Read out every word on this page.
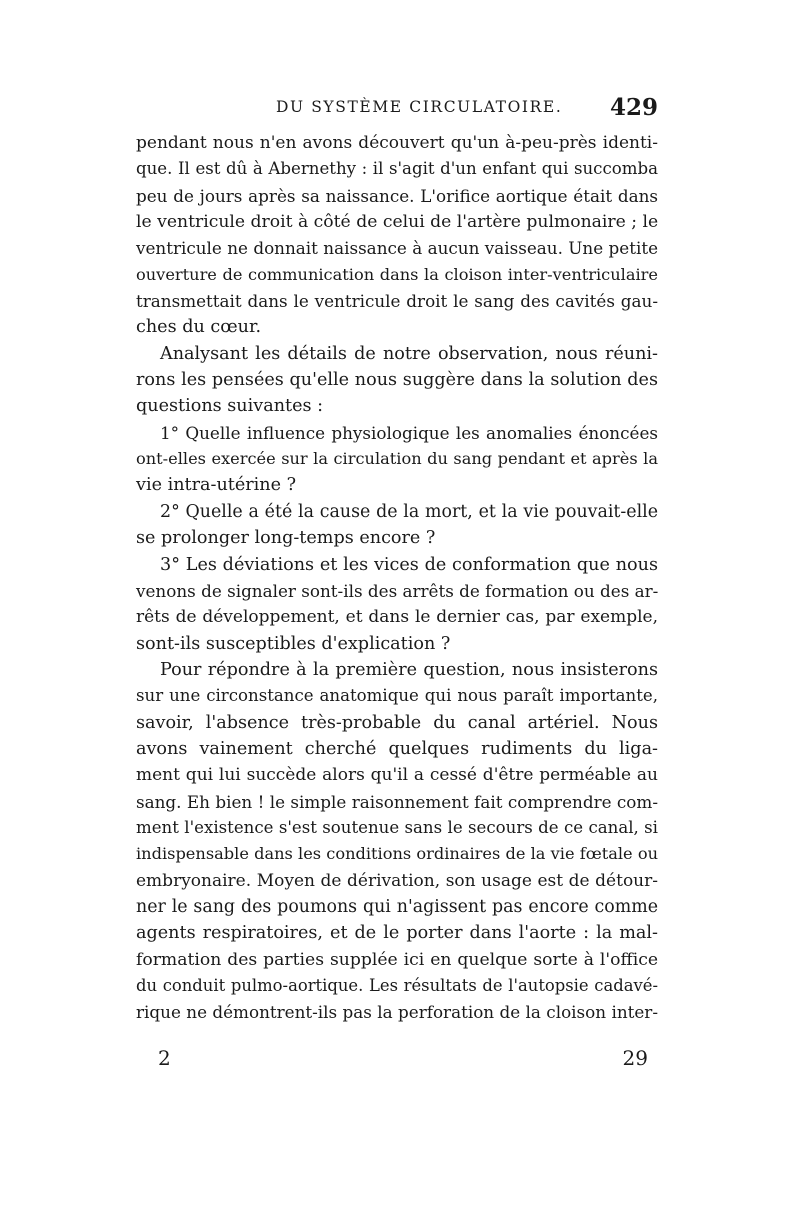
DU SYSTÈME CIRCULATOIRE. 429
pendant nous n'en avons découvert qu'un à-peu-près identi-
que. Il est dû à Abernethy : il s'agit d'un enfant qui succomba
peu de jours après sa naissance. L'orifice aortique était dans
le ventricule droit à côté de celui de l'artère pulmonaire ; le
ventricule ne donnait naissance à aucun vaisseau. Une petite
ouverture de communication dans la cloison inter-ventriculaire
transmettait dans le ventricule droit le sang des cavités gau-
ches du cœur.
Analysant les détails de notre observation, nous réuni-
rons les pensées qu'elle nous suggère dans la solution des
questions suivantes :
1° Quelle influence physiologique les anomalies énoncées
ont-elles exercée sur la circulation du sang pendant et après la
vie intra-utérine ?
2° Quelle a été la cause de la mort, et la vie pouvait-elle
se prolonger long-temps encore ?
3° Les déviations et les vices de conformation que nous
venons de signaler sont-ils des arrêts de formation ou des ar-
rêts de développement, et dans le dernier cas, par exemple,
sont-ils susceptibles d'explication ?
Pour répondre à la première question, nous insisterons
sur une circonstance anatomique qui nous paraît importante,
savoir, l'absence très-probable du canal artériel. Nous
avons vainement cherché quelques rudiments du liga-
ment qui lui succède alors qu'il a cessé d'être perméable au
sang. Eh bien ! le simple raisonnement fait comprendre com-
ment l'existence s'est soutenue sans le secours de ce canal, si
indispensable dans les conditions ordinaires de la vie fœtale ou
embryonaire. Moyen de dérivation, son usage est de détour-
ner le sang des poumons qui n'agissent pas encore comme
agents respiratoires, et de le porter dans l'aorte : la mal-
formation des parties supplée ici en quelque sorte à l'office
du conduit pulmo-aortique. Les résultats de l'autopsie cadavé-
rique ne démontrent-ils pas la perforation de la cloison inter-
2	29
